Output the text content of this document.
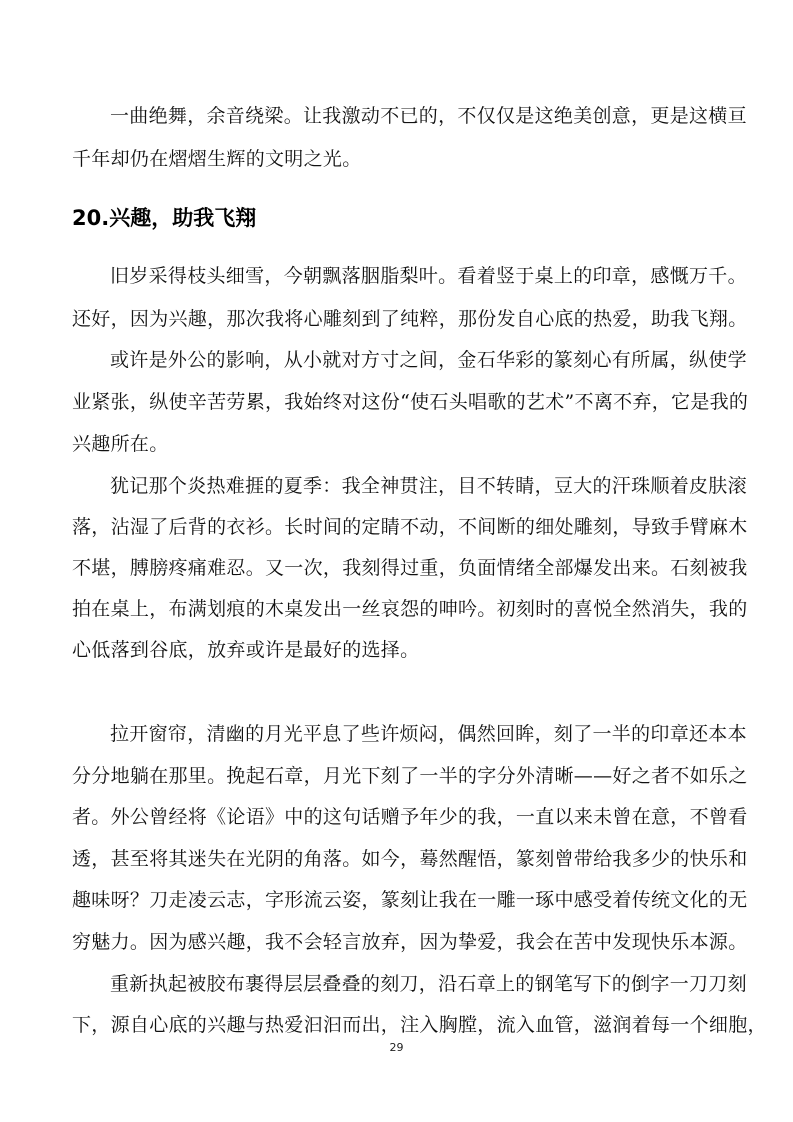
一曲绝舞，余音绕梁。让我激动不已的，不仅仅是这绝美创意，更是这横亘
千年却仍在熠熠生辉的文明之光。
20.兴趣，助我飞翔
旧岁采得枝头细雪，今朝飘落胭脂梨叶。看着竖于桌上的印章，感慨万千。
还好，因为兴趣，那次我将心雕刻到了纯粹，那份发自心底的热爱，助我飞翔。
或许是外公的影响，从小就对方寸之间，金石华彩的篆刻心有所属，纵使学
业紧张，纵使辛苦劳累，我始终对这份“使石头唱歌的艺术”不离不弃，它是我的
兴趣所在。
犹记那个炎热难捱的夏季：我全神贯注，目不转睛，豆大的汗珠顺着皮肤滚
落，沾湿了后背的衣衫。长时间的定睛不动，不间断的细处雕刻，导致手臂麻木
不堪，膊膀疼痛难忍。又一次，我刻得过重，负面情绪全部爆发出来。石刻被我
拍在桌上，布满划痕的木桌发出一丝哀怨的呻吟。初刻时的喜悦全然消失，我的
心低落到谷底，放弃或许是最好的选择。
拉开窗帘，清幽的月光平息了些许烦闷，偶然回眸，刻了一半的印章还本本
分分地躺在那里。挽起石章，月光下刻了一半的字分外清晰——好之者不如乐之
者。外公曾经将《论语》中的这句话赠予年少的我，一直以来未曾在意，不曾看
透，甚至将其迷失在光阴的角落。如今，蓦然醒悟，篆刻曾带给我多少的快乐和
趣味呀？刀走凌云志，字形流云姿，篆刻让我在一雕一琢中感受着传统文化的无
穷魅力。因为感兴趣，我不会轻言放弃，因为挚爱，我会在苦中发现快乐本源。
重新执起被胶布裹得层层叠叠的刻刀，沿石章上的钢笔写下的倒字一刀刀刻
下，源自心底的兴趣与热爱汩汩而出，注入胸膛，流入血管，滋润着每一个细胞，
29
